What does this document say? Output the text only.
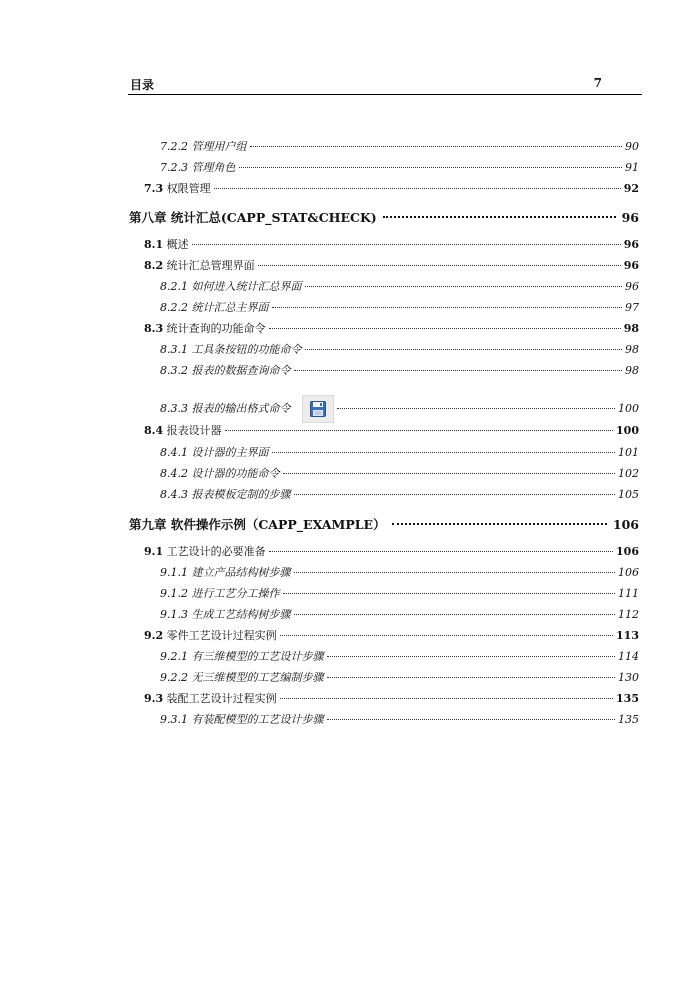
目录	7
7.2.2 管理用户组	90
7.2.3 管理角色	91
7.3 权限管理	92
第八章 统计汇总(CAPP_STAT&CHECK)	96
8.1 概述	96
8.2 统计汇总管理界面	96
8.2.1 如何进入统计汇总界面	96
8.2.2 统计汇总主界面	97
8.3 统计查询的功能命令	98
8.3.1 工具条按钮的功能命令	98
8.3.2 报表的数据查询命令	98
8.3.3 报表的输出格式命令	100
8.4 报表设计器	100
8.4.1 设计器的主界面	101
8.4.2 设计器的功能命令	102
8.4.3 报表模板定制的步骤	105
第九章 软件操作示例（CAPP_EXAMPLE）	106
9.1 工艺设计的必要准备	106
9.1.1 建立产品结构树步骤	106
9.1.2 进行工艺分工操作	111
9.1.3 生成工艺结构树步骤	112
9.2 零件工艺设计过程实例	113
9.2.1 有三维模型的工艺设计步骤	114
9.2.2 无三维模型的工艺编制步骤	130
9.3 装配工艺设计过程实例	135
9.3.1 有装配模型的工艺设计步骤	135
